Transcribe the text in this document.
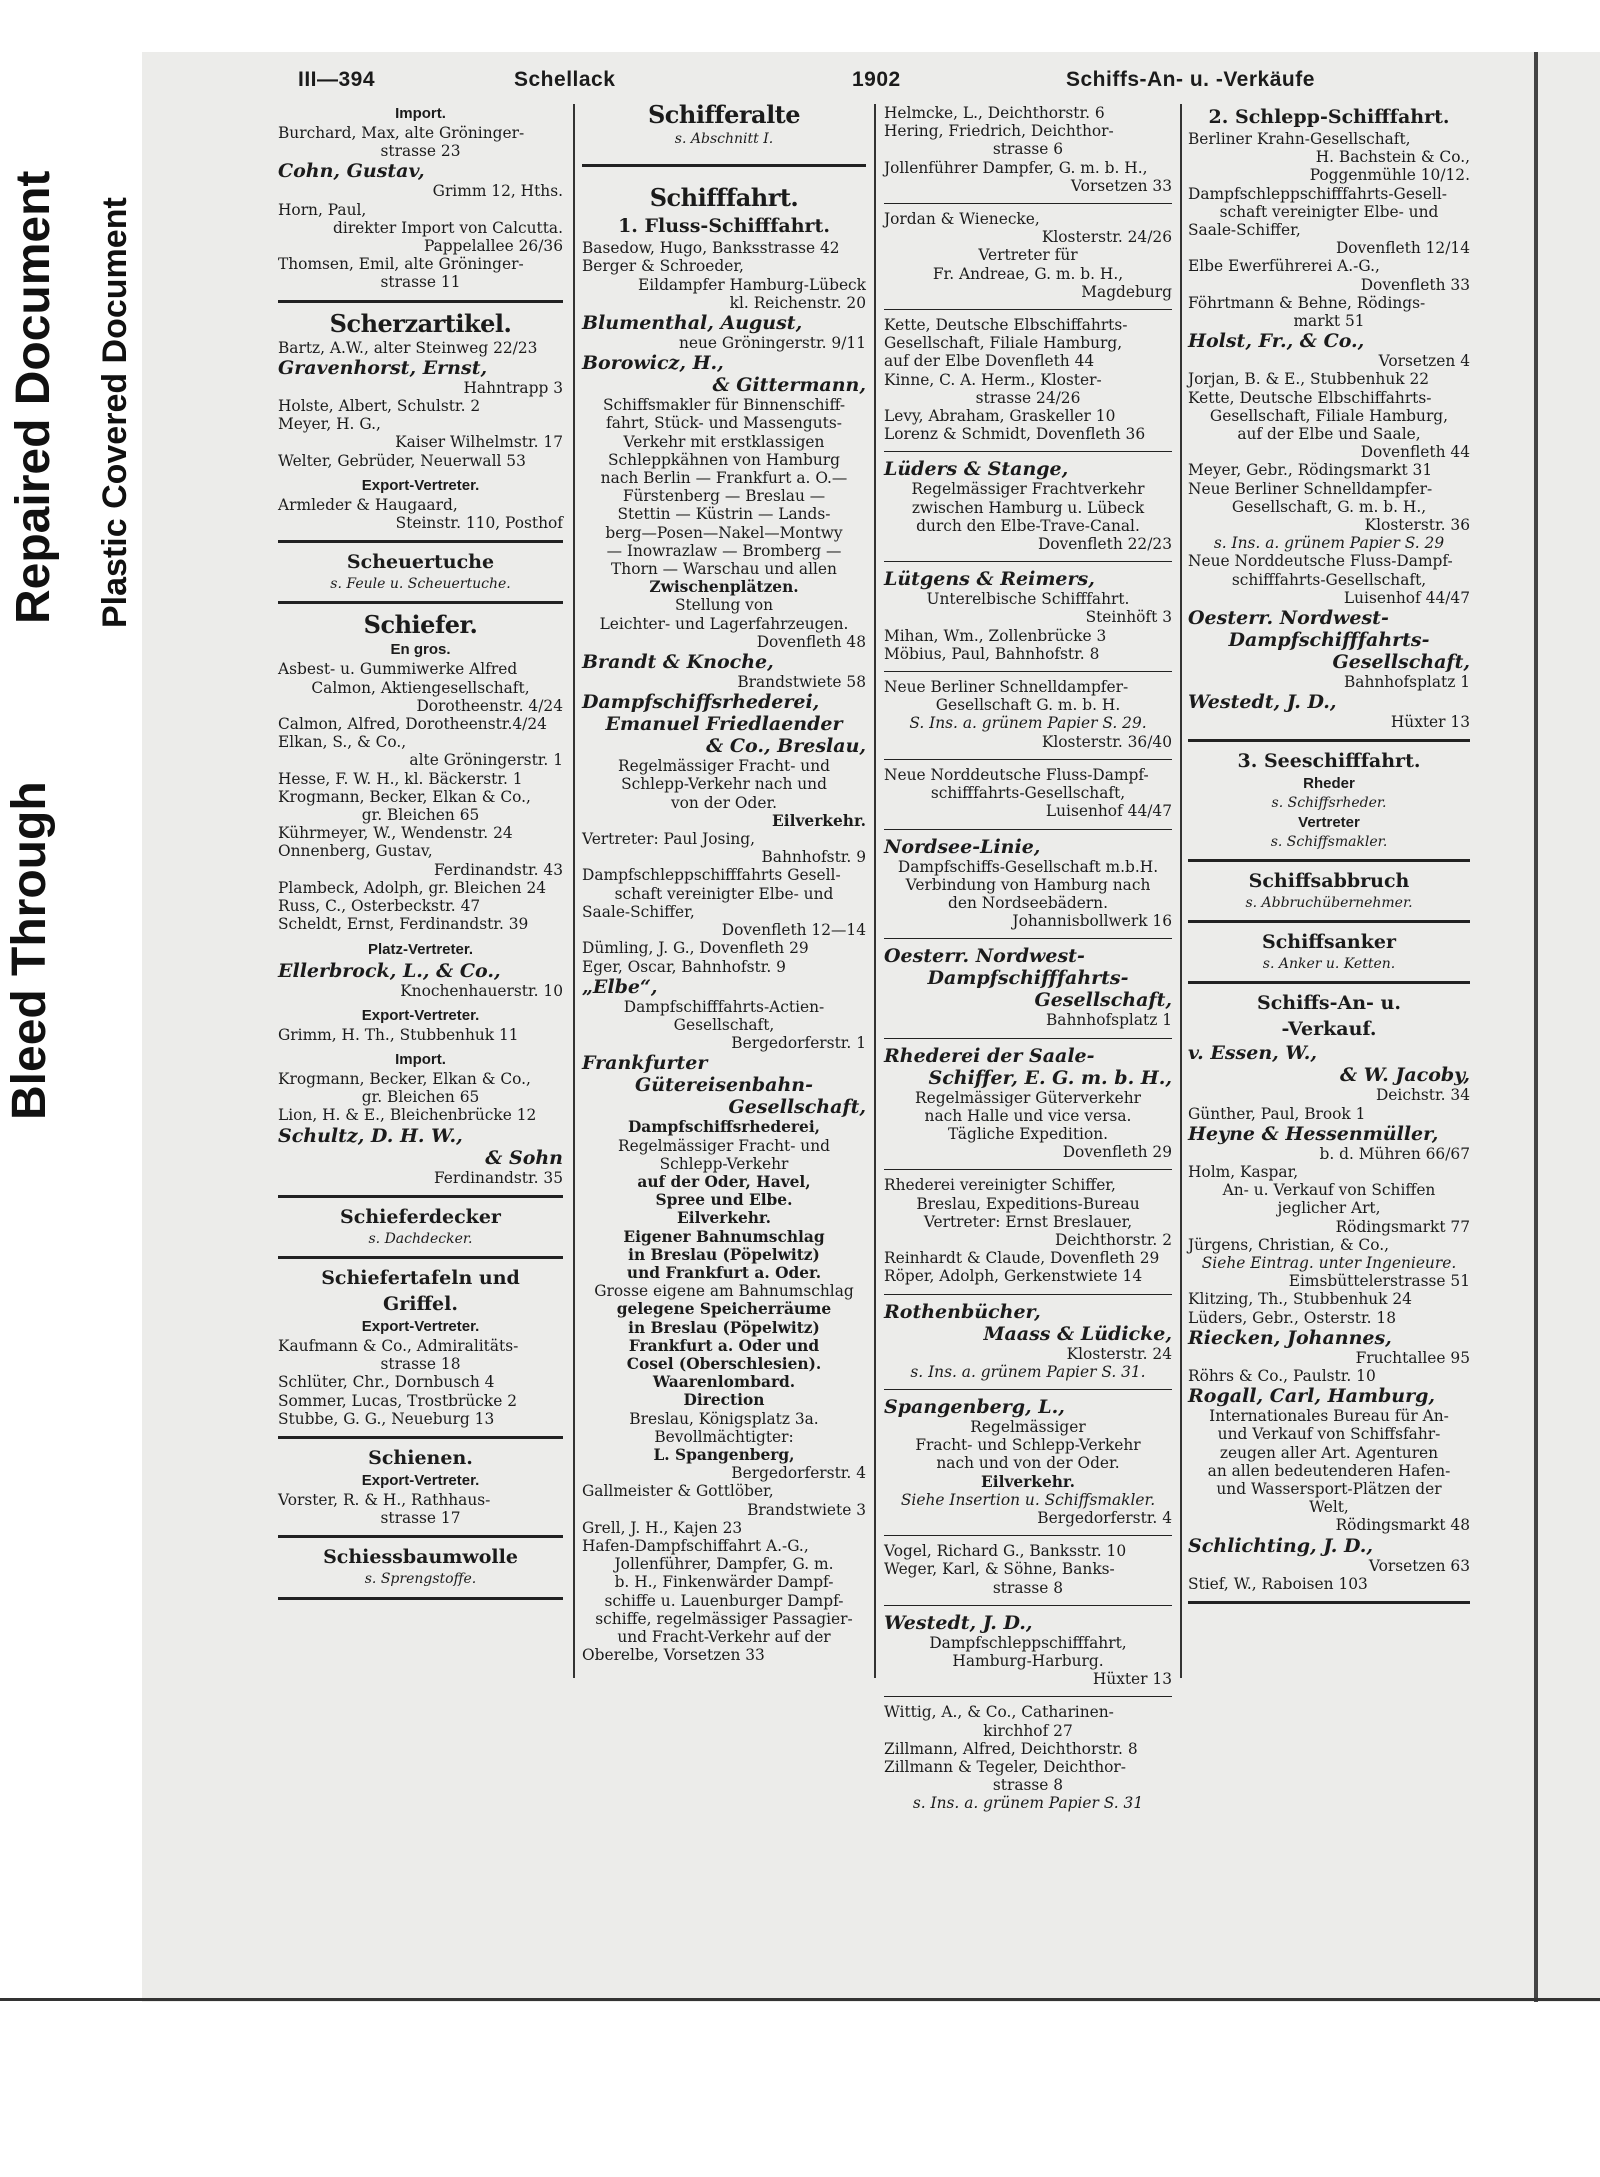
Bleed Through
Repaired Document Plastic Covered Document
III—394	Schellack	1902	Schiffs-An- u. -Verkäufe
Import.
Burchard, Max, alte Gröninger-
strasse 23
Cohn, Gustav,
Grimm 12, Hths.
Horn, Paul,
direkter Import von Calcutta.
Pappelallee 26/36
Thomsen, Emil, alte Gröninger-
strasse 11
Scherzartikel.
Bartz, A.W., alter Steinweg 22/23
Gravenhorst, Ernst,
Hahntrapp 3
Holste, Albert, Schulstr. 2
Meyer, H. G.,
Kaiser Wilhelmstr. 17
Welter, Gebrüder, Neuerwall 53
Export-Vertreter.
Armleder & Haugaard,
Steinstr. 110, Posthof
Scheuertuche
s. Feule u. Scheuertuche.
Schiefer.
En gros.
Asbest- u. Gummiwerke Alfred
Calmon, Aktiengesellschaft,
Dorotheenstr. 4/24
Calmon, Alfred, Dorotheenstr.4/24
Elkan, S., & Co.,
alte Gröningerstr. 1
Hesse, F. W. H., kl. Bäckerstr. 1
Krogmann, Becker, Elkan & Co.,
gr. Bleichen 65
Kührmeyer, W., Wendenstr. 24
Onnenberg, Gustav,
Ferdinandstr. 43
Plambeck, Adolph, gr. Bleichen 24
Russ, C., Osterbeckstr. 47
Scheldt, Ernst, Ferdinandstr. 39
Platz-Vertreter.
Ellerbrock, L., & Co.,
Knochenhauerstr. 10
Export-Vertreter.
Grimm, H. Th., Stubbenhuk 11
Import.
Krogmann, Becker, Elkan & Co.,
gr. Bleichen 65
Lion, H. & E., Bleichenbrücke 12
Schultz, D. H. W.,
& Sohn
Ferdinandstr. 35
Schieferdecker
s. Dachdecker.
Schiefertafeln und
Griffel.
Export-Vertreter.
Kaufmann & Co., Admiralitäts-
strasse 18
Schlüter, Chr., Dornbusch 4
Sommer, Lucas, Trostbrücke 2
Stubbe, G. G., Neueburg 13
Schienen.
Export-Vertreter.
Vorster, R. & H., Rathhaus-
strasse 17
Schiessbaumwolle
s. Sprengstoffe.
Schifferalte
s. Abschnitt I.
Schifffahrt.
1. Fluss-Schifffahrt.
Basedow, Hugo, Banksstrasse 42
Berger & Schroeder,
Eildampfer Hamburg-Lübeck
kl. Reichenstr. 20
Blumenthal, August,
neue Gröningerstr. 9/11
Borowicz, H.,
& Gittermann,
Schiffsmakler für Binnenschiff-
fahrt, Stück- und Massenguts-
Verkehr mit erstklassigen
Schleppkähnen von Hamburg
nach Berlin — Frankfurt a. O.—
Fürstenberg — Breslau —
Stettin — Küstrin — Lands-
berg—Posen—Nakel—Montwy
— Inowrazlaw — Bromberg —
Thorn — Warschau und allen
Zwischenplätzen.
Stellung von
Leichter- und Lagerfahrzeugen.
Dovenfleth 48
Brandt & Knoche,
Brandstwiete 58
Dampfschiffsrhederei,
Emanuel Friedlaender
& Co., Breslau,
Regelmässiger Fracht- und
Schlepp-Verkehr nach und
von der Oder.
Eilverkehr.
Vertreter: Paul Josing,
Bahnhofstr. 9
Dampfschleppschifffahrts Gesell-
schaft vereinigter Elbe- und
Saale-Schiffer,
Dovenfleth 12—14
Dümling, J. G., Dovenfleth 29
Eger, Oscar, Bahnhofstr. 9
„Elbe“,
Dampfschifffahrts-Actien-
Gesellschaft,
Bergedorferstr. 1
Frankfurter
Gütereisenbahn-
Gesellschaft,
Dampfschiffsrhederei,
Regelmässiger Fracht- und
Schlepp-Verkehr
auf der Oder, Havel,
Spree und Elbe.
Eilverkehr.
Eigener Bahnumschlag
in Breslau (Pöpelwitz)
und Frankfurt a. Oder.
Grosse eigene am Bahnumschlag
gelegene Speicherräume
in Breslau (Pöpelwitz)
Frankfurt a. Oder und
Cosel (Oberschlesien).
Waarenlombard.
Direction
Breslau, Königsplatz 3a.
Bevollmächtigter:
L. Spangenberg,
Bergedorferstr. 4
Gallmeister & Gottlöber,
Brandstwiete 3
Grell, J. H., Kajen 23
Hafen-Dampfschiffahrt A.-G.,
Jollenführer, Dampfer, G. m.
b. H., Finkenwärder Dampf-
schiffe u. Lauenburger Dampf-
schiffe, regelmässiger Passagier-
und Fracht-Verkehr auf der
Oberelbe, Vorsetzen 33
Helmcke, L., Deichthorstr. 6
Hering, Friedrich, Deichthor-
strasse 6
Jollenführer Dampfer, G. m. b. H.,
Vorsetzen 33
Jordan & Wienecke,
Klosterstr. 24/26
Vertreter für
Fr. Andreae, G. m. b. H.,
Magdeburg
Kette, Deutsche Elbschiffahrts-
Gesellschaft, Filiale Hamburg,
auf der Elbe Dovenfleth 44
Kinne, C. A. Herm., Kloster-
strasse 24/26
Levy, Abraham, Graskeller 10
Lorenz & Schmidt, Dovenfleth 36
Lüders & Stange,
Regelmässiger Frachtverkehr
zwischen Hamburg u. Lübeck
durch den Elbe-Trave-Canal.
Dovenfleth 22/23
Lütgens & Reimers,
Unterelbische Schifffahrt.
Steinhöft 3
Mihan, Wm., Zollenbrücke 3
Möbius, Paul, Bahnhofstr. 8
Neue Berliner Schnelldampfer-
Gesellschaft G. m. b. H.
S. Ins. a. grünem Papier S. 29.
Klosterstr. 36/40
Neue Norddeutsche Fluss-Dampf-
schifffahrts-Gesellschaft,
Luisenhof 44/47
Nordsee-Linie,
Dampfschiffs-Gesellschaft m.b.H.
Verbindung von Hamburg nach
den Nordseebädern.
Johannisbollwerk 16
Oesterr. Nordwest-
Dampfschifffahrts-
Gesellschaft,
Bahnhofsplatz 1
Rhederei der Saale-
Schiffer, E. G. m. b. H.,
Regelmässiger Güterverkehr
nach Halle und vice versa.
Tägliche Expedition.
Dovenfleth 29
Rhederei vereinigter Schiffer,
Breslau, Expeditions-Bureau
Vertreter: Ernst Breslauer,
Deichthorstr. 2
Reinhardt & Claude, Dovenfleth 29
Röper, Adolph, Gerkenstwiete 14
Rothenbücher,
Maass & Lüdicke,
Klosterstr. 24
s. Ins. a. grünem Papier S. 31.
Spangenberg, L.,
Regelmässiger
Fracht- und Schlepp-Verkehr
nach und von der Oder.
Eilverkehr.
Siehe Insertion u. Schiffsmakler.
Bergedorferstr. 4
Vogel, Richard G., Banksstr. 10
Weger, Karl, & Söhne, Banks-
strasse 8
Westedt, J. D.,
Dampfschleppschifffahrt,
Hamburg-Harburg.
Hüxter 13
Wittig, A., & Co., Catharinen-
kirchhof 27
Zillmann, Alfred, Deichthorstr. 8
Zillmann & Tegeler, Deichthor-
strasse 8
s. Ins. a. grünem Papier S. 31
2. Schlepp-Schifffahrt.
Berliner Krahn-Gesellschaft,
H. Bachstein & Co.,
Poggenmühle 10/12.
Dampfschleppschifffahrts-Gesell-
schaft vereinigter Elbe- und
Saale-Schiffer,
Dovenfleth 12/14
Elbe Ewerführerei A.-G.,
Dovenfleth 33
Föhrtmann & Behne, Rödings-
markt 51
Holst, Fr., & Co.,
Vorsetzen 4
Jorjan, B. & E., Stubbenhuk 22
Kette, Deutsche Elbschiffahrts-
Gesellschaft, Filiale Hamburg,
auf der Elbe und Saale,
Dovenfleth 44
Meyer, Gebr., Rödingsmarkt 31
Neue Berliner Schnelldampfer-
Gesellschaft, G. m. b. H.,
Klosterstr. 36
s. Ins. a. grünem Papier S. 29
Neue Norddeutsche Fluss-Dampf-
schifffahrts-Gesellschaft,
Luisenhof 44/47
Oesterr. Nordwest-
Dampfschifffahrts-
Gesellschaft,
Bahnhofsplatz 1
Westedt, J. D.,
Hüxter 13
3. Seeschifffahrt.
Rheder
s. Schiffsrheder.
Vertreter
s. Schiffsmakler.
Schiffsabbruch
s. Abbruchübernehmer.
Schiffsanker
s. Anker u. Ketten.
Schiffs-An- u.
-Verkauf.
v. Essen, W.,
& W. Jacoby,
Deichstr. 34
Günther, Paul, Brook 1
Heyne & Hessenmüller,
b. d. Mühren 66/67
Holm, Kaspar,
An- u. Verkauf von Schiffen
jeglicher Art,
Rödingsmarkt 77
Jürgens, Christian, & Co.,
Siehe Eintrag. unter Ingenieure.
Eimsbüttelerstrasse 51
Klitzing, Th., Stubbenhuk 24
Lüders, Gebr., Osterstr. 18
Riecken, Johannes,
Fruchtallee 95
Röhrs & Co., Paulstr. 10
Rogall, Carl, Hamburg,
Internationales Bureau für An-
und Verkauf von Schiffsfahr-
zeugen aller Art. Agenturen
an allen bedeutenderen Hafen-
und Wassersport-Plätzen der
Welt,
Rödingsmarkt 48
Schlichting, J. D.,
Vorsetzen 63
Stief, W., Raboisen 103
